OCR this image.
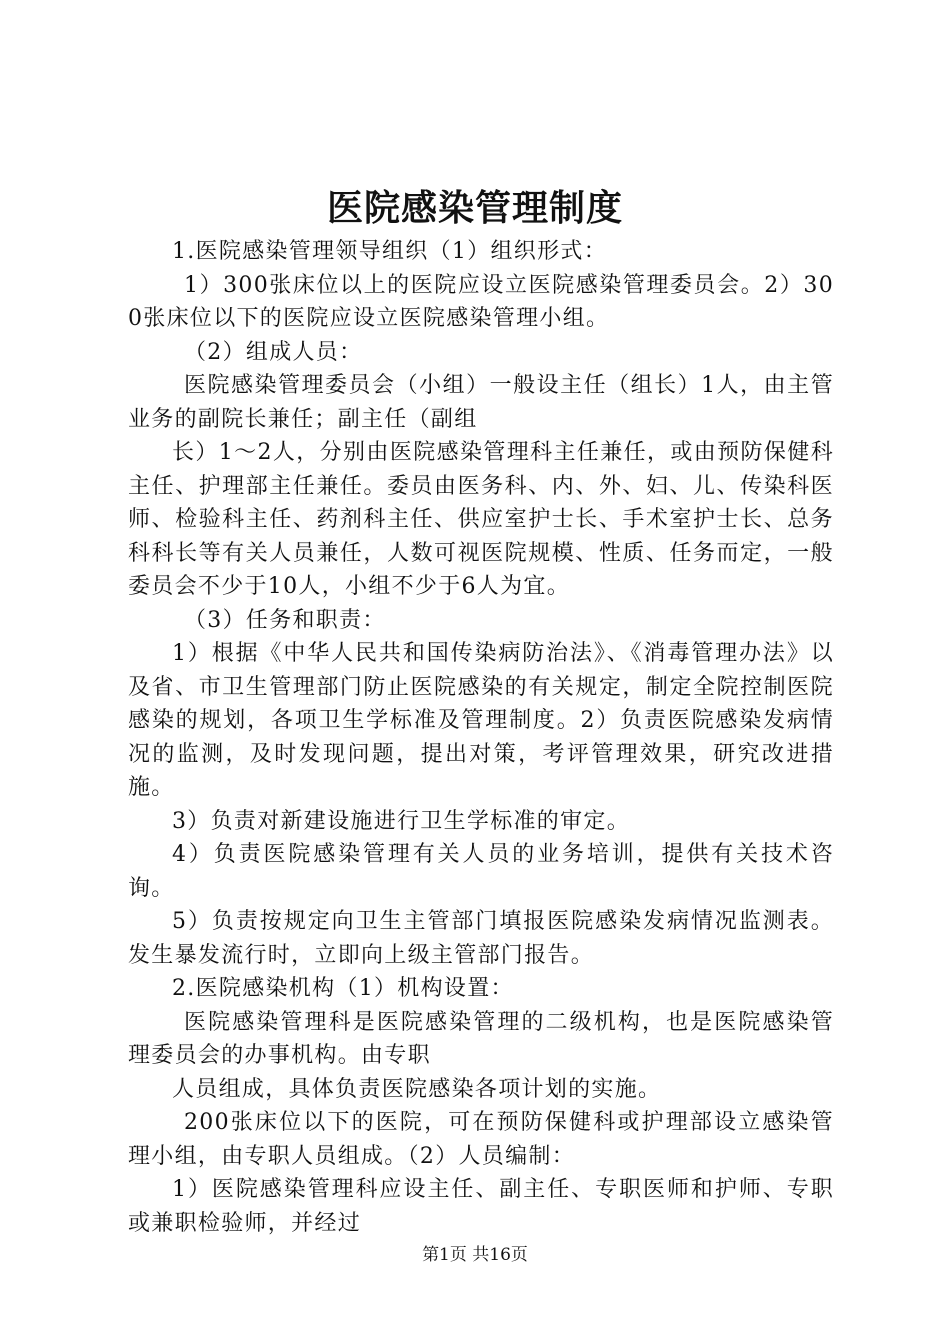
医院感染管理制度

1.医院感染管理领导组织（1）组织形式：

1）300张床位以上的医院应设立医院感染管理委员会。2）300张床位以下的医院应设立医院感染管理小组。

（2）组成人员：

医院感染管理委员会（小组）一般设主任（组长）1人，由主管业务的副院长兼任；副主任（副组

长）1～2人，分别由医院感染管理科主任兼任，或由预防保健科主任、护理部主任兼任。委员由医务科、内、外、妇、儿、传染科医师、检验科主任、药剂科主任、供应室护士长、手术室护士长、总务科科长等有关人员兼任，人数可视医院规模、性质、任务而定，一般委员会不少于10人，小组不少于6人为宜。

（3）任务和职责：

1）根据《中华人民共和国传染病防治法》、《消毒管理办法》以及省、市卫生管理部门防止医院感染的有关规定，制定全院控制医院感染的规划，各项卫生学标准及管理制度。2）负责医院感染发病情况的监测，及时发现问题，提出对策，考评管理效果，研究改进措施。

3）负责对新建设施进行卫生学标准的审定。

4）负责医院感染管理有关人员的业务培训，提供有关技术咨询。

5）负责按规定向卫生主管部门填报医院感染发病情况监测表。发生暴发流行时，立即向上级主管部门报告。

2.医院感染机构（1）机构设置：

医院感染管理科是医院感染管理的二级机构，也是医院感染管理委员会的办事机构。由专职

人员组成，具体负责医院感染各项计划的实施。

200张床位以下的医院，可在预防保健科或护理部设立感染管理小组，由专职人员组成。（2）人员编制：

1）医院感染管理科应设主任、副主任、专职医师和护师、专职或兼职检验师，并经过

第1页 共16页
